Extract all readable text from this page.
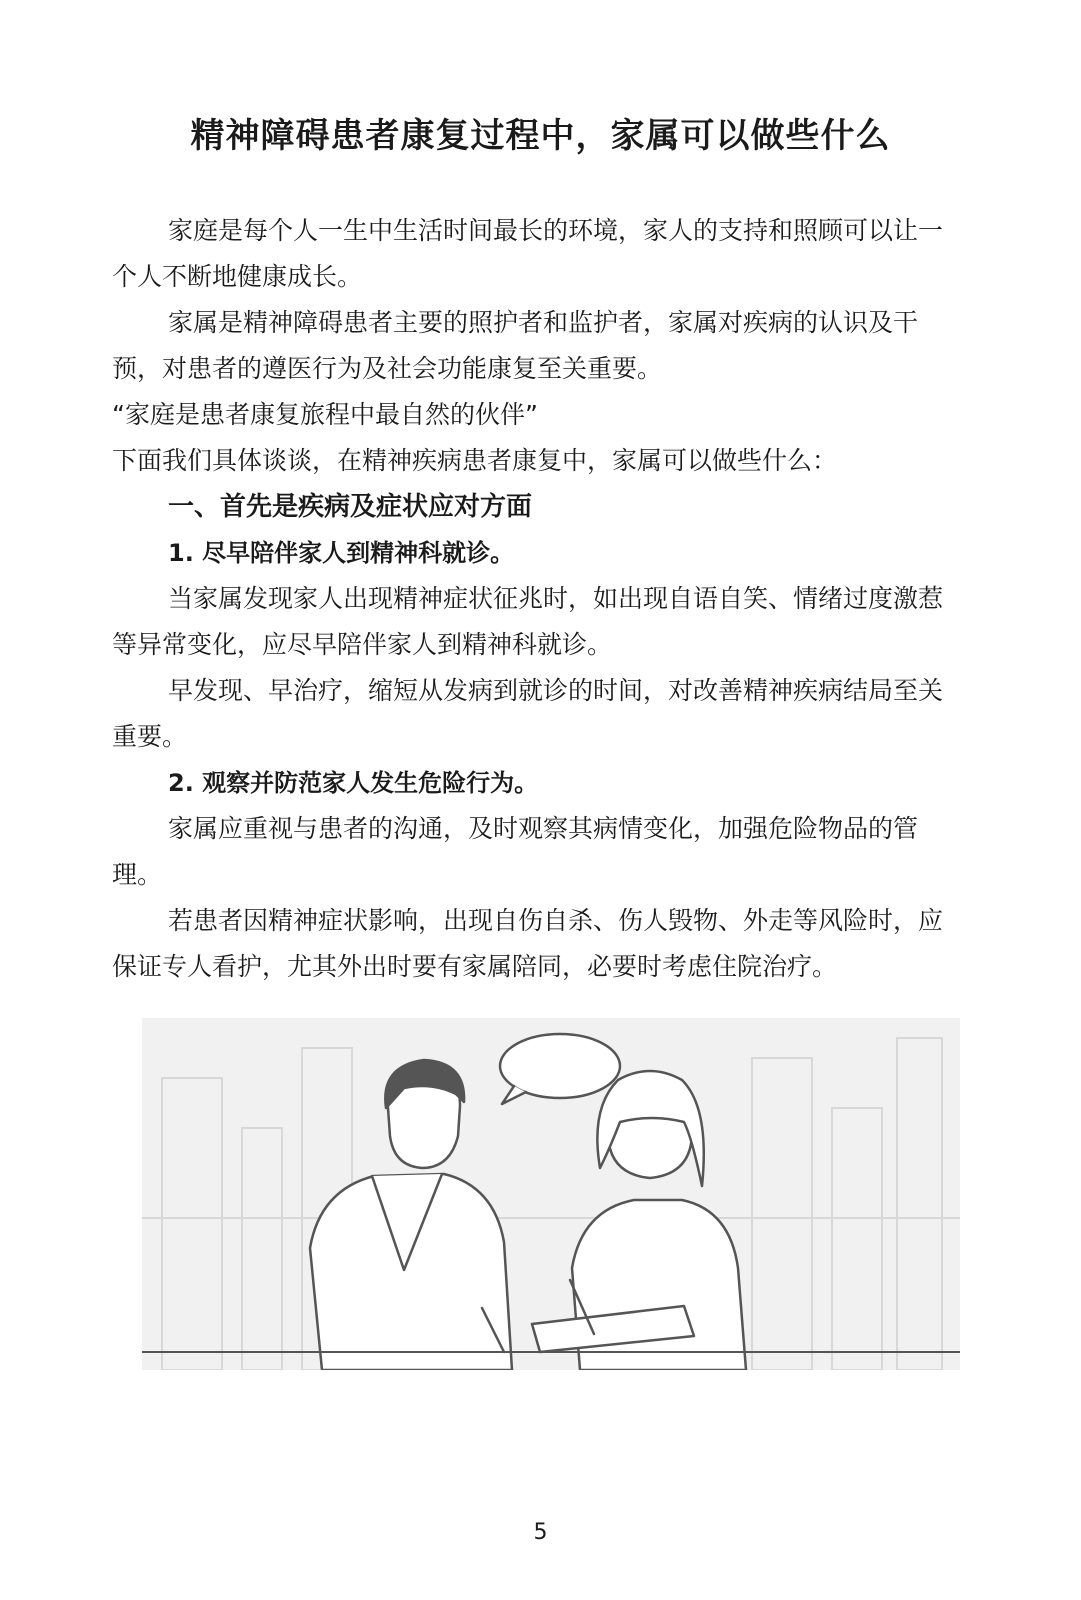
精神障碍患者康复过程中，家属可以做些什么

家庭是每个人一生中生活时间最长的环境，家人的支持和照顾可以让一个人不断地健康成长。

家属是精神障碍患者主要的照护者和监护者，家属对疾病的认识及干预，对患者的遵医行为及社会功能康复至关重要。

“家庭是患者康复旅程中最自然的伙伴”

下面我们具体谈谈，在精神疾病患者康复中，家属可以做些什么：

一、首先是疾病及症状应对方面

1. 尽早陪伴家人到精神科就诊。

当家属发现家人出现精神症状征兆时，如出现自语自笑、情绪过度激惹等异常变化，应尽早陪伴家人到精神科就诊。

早发现、早治疗，缩短从发病到就诊的时间，对改善精神疾病结局至关重要。

2. 观察并防范家人发生危险行为。

家属应重视与患者的沟通，及时观察其病情变化，加强危险物品的管理。

若患者因精神症状影响，出现自伤自杀、伤人毁物、外走等风险时，应保证专人看护，尤其外出时要有家属陪同，必要时考虑住院治疗。

5
